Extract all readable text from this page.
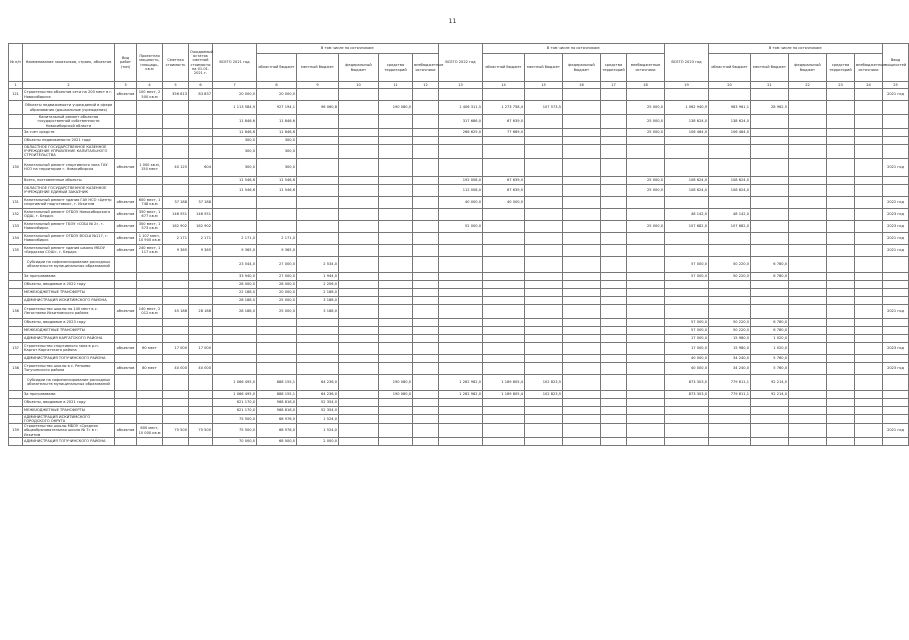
11
№ п/п	Наименование заказчиков, строек, объектов	Вид работ (тип)	Проектная мощность, площадь, кв.м	Сметная стоимость	Ожидаемый остаток сметной стоимости на 01.01. 2021 г.	ВСЕГО 2021 год	В том числе по источникам:					ВСЕГО 2022 год	В том числе по источникам:					ВСЕГО 2023 год	В том числе по источникам:					Ввод мощностей
							областной бюджет	местный бюджет	федеральный бюджет	средства территорий	внебюджетные источники		областной бюджет	местный бюджет	федеральный бюджет	средства территорий	внебюджетные источники		областной бюджет	местный бюджет	федеральный бюджет	средства территорий	внебюджетные источники	
1	2	3	4	5	6	7	8	9	10	11	12	13	14	15	16	17	18	19	20	21	22	23	24	25
121	Строительство объектов сети на 200 мест в г. Новосибирске	объектов	100 мест, 2 500 кв.м	356 613	83 837	20 000,0	20 000,0																	2021 год
	Объекты недвижимости учреждений в сфере образования (дошкольные учреждения)					1 113 584,9	927 194,1	96 060,8		190 080,0		1 406 311,5	1 273 758,4	107 573,5			25 000,0	1 062 940,9	983 961,1	28 962,5				
	Капитальный ремонт объектов государственной собственности Новосибирской области					11 846,6	11 846,6					317 686,0	67 639,0				25 000,0	138 624,0	138 624,0					
	За счет средств					11 846,6	11 846,6					266 625,0	77 689,0				25 000,0	106 464,0	106 464,0					
	Объекты недвижимости 2021 года					300,0	300,0																	
	ОБЛАСТНОЕ ГОСУДАРСТВЕННОЕ КАЗЕННОЕ УЧРЕЖДЕНИЕ УПРАВЛЕНИЕ КАПИТАЛЬНОГО СТРОИТЕЛЬСТВА					300,0	300,0																	
130	Капитальный ремонт спортивного зала ГАУ НСО на территории г. Новосибирска	объектов	1 000 кв.м, 150 мест	40 125	604	300,0	300,0																	2021 год
	Всего, поставленные объекты					11 546,6	11 546,6					192 008,0	67 639,0				25 000,0	108 624,0	108 624,0					
	ОБЛАСТНОЕ ГОСУДАРСТВЕННОЕ КАЗЕННОЕ УЧРЕЖДЕНИЕ ЕДИНЫЙ ЗАКАЗЧИК					11 546,6	11 546,6					112 008,0	67 639,0				25 000,0	108 624,0	108 624,0					
131	Капитальный ремонт здания ГАУ НСО «Центр спортивной подготовки», г. Искитим	объектов	600 мест, 1 748 кв.м	37 188	37 188							40 000,0	40 000,0											2022 год
132	Капитальный ремонт ОГБОУ Новосибирского ОДШ, г. Бердск	объектов	350 мест, 1 677 кв.м	146 551	146 551													48 142,0	48 142,0					2023 год
133	Капитальный ремонт ГБОУ «СОШ № 2», г. Новосибирск	объектов	300 мест, 1 573 кв.м	162 902	162 902							52 000,0					25 000,0	107 682,0	107 682,0					2023 год
134	Капитальный ремонт ОГБОУ ВОСШ №117, г. Новосибирск	объектов	1 107 мест, 10 900 кв.м	2 171	2 171	2 171,0	2 171,0																	2021 год
135	Капитальный ремонт здания школы МБОУ «Бердская СОШ», г. Бердск	объектов	240 мест, 1 117 кв.м	9 365	9 365	9 365,0	9 365,0																	2021 год
	Субсидии на софинансирование расходных обязательств муниципальных образований					23 544,0	27 000,0	2 534,0										57 000,0	50 220,0	6 780,0				
	За программами					33 940,0	27 000,0	1 944,0										57 000,0	50 220,0	6 780,0				
	Объекты, вводимые в 2022 году					28 000,0	28 000,0	2 206,0																
	МЕЖБЮДЖЕТНЫЕ ТРАНСФЕРТЫ					22 188,0	20 000,0	2 188,0																
	АДМИНИСТРАЦИЯ ИСКИТИМСКОГО РАЙОНА					28 188,0	25 000,0	3 188,0																
136	Строительство школы на 140 мест в с. Легостаево Искитимского района	объектов	140 мест, 2 012 кв.м	45 188	28 188	28 188,0	25 000,0	3 188,0																2021 год
	Объекты, вводимые в 2023 году																	57 000,0	50 220,0	6 780,0				
	МЕЖБЮДЖЕТНЫЕ ТРАНСФЕРТЫ																	57 000,0	50 220,0	6 780,0				
	АДМИНИСТРАЦИЯ КАРГАТСКОГО РАЙОНА																	17 000,0	15 980,0	1 020,0				
137	Строительство спортивного зала в р.п. Каргат Каргатского района	объектов	60 мест	17 000	17 000													17 000,0	15 980,0	1 020,0				2023 год
	АДМИНИСТРАЦИЯ ТОГУЧИНСКОГО РАЙОНА																	40 000,0	34 240,0	5 760,0				
138	Строительство школы в с. Репьево Тогучинского района	объектов	80 мест	40 000	40 000													40 000,0	34 240,0	5 760,0				2023 год
	Субсидии на софинансирование расходных обязательств муниципальных образований					1 066 495,0	888 155,1	64 236,0		190 080,0		1 282 982,0	1 189 805,4	102 823,5				873 303,0	779 811,1	92 214,0				
	За программами					1 066 495,0	888 155,1	64 236,0		190 080,0		1 282 982,0	1 189 805,4	102 823,5				873 303,0	779 811,1	92 214,0				
	Объекты, вводимые в 2021 году					621 170,0	568 816,0	52 354,0																
	МЕЖБЮДЖЕТНЫЕ ТРАНСФЕРТЫ					621 170,0	568 816,0	52 354,0																
	АДМИНИСТРАЦИЯ ИСКИТИМСКОГО ГОРОДСКОГО ОКРУГА					75 500,0	68 976,0	1 524,0																
139	Строительство школы МБОУ «Средняя общеобразовательная школа № 7» в г. Искитим	объектов	600 мест, 10 000 кв.м	75 500	75 500	75 500,0	68 976,0	1 524,0																2021 год
	АДМИНИСТРАЦИЯ ТОГУЧИНСКОГО РАЙОНА					70 000,0	68 000,0	2 000,0																
